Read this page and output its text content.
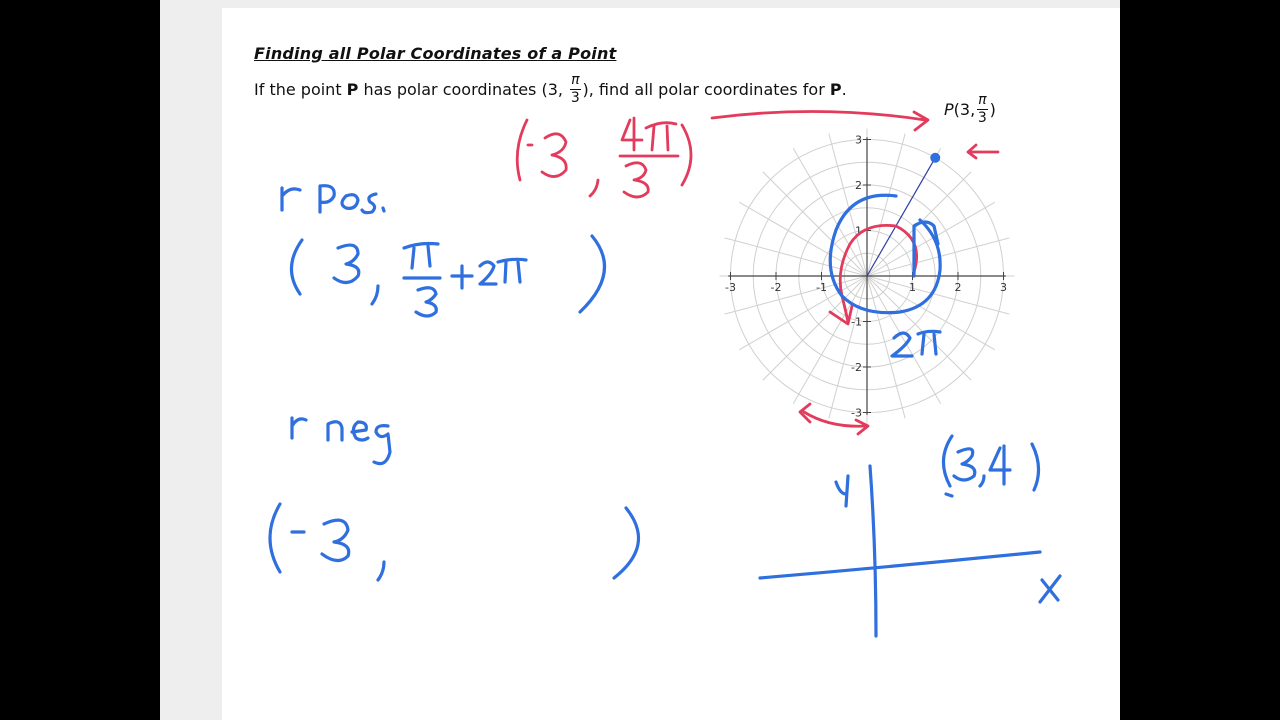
Finding all Polar Coordinates of a Point
If the point P has polar coordinates (3, $\frac{\pi}{3}$ ), find all polar coordinates for P .
P (3, $\frac{\pi}{3}$ )
-3	-2	-1	1	2	3
3
2
1
-1
-2
-3
